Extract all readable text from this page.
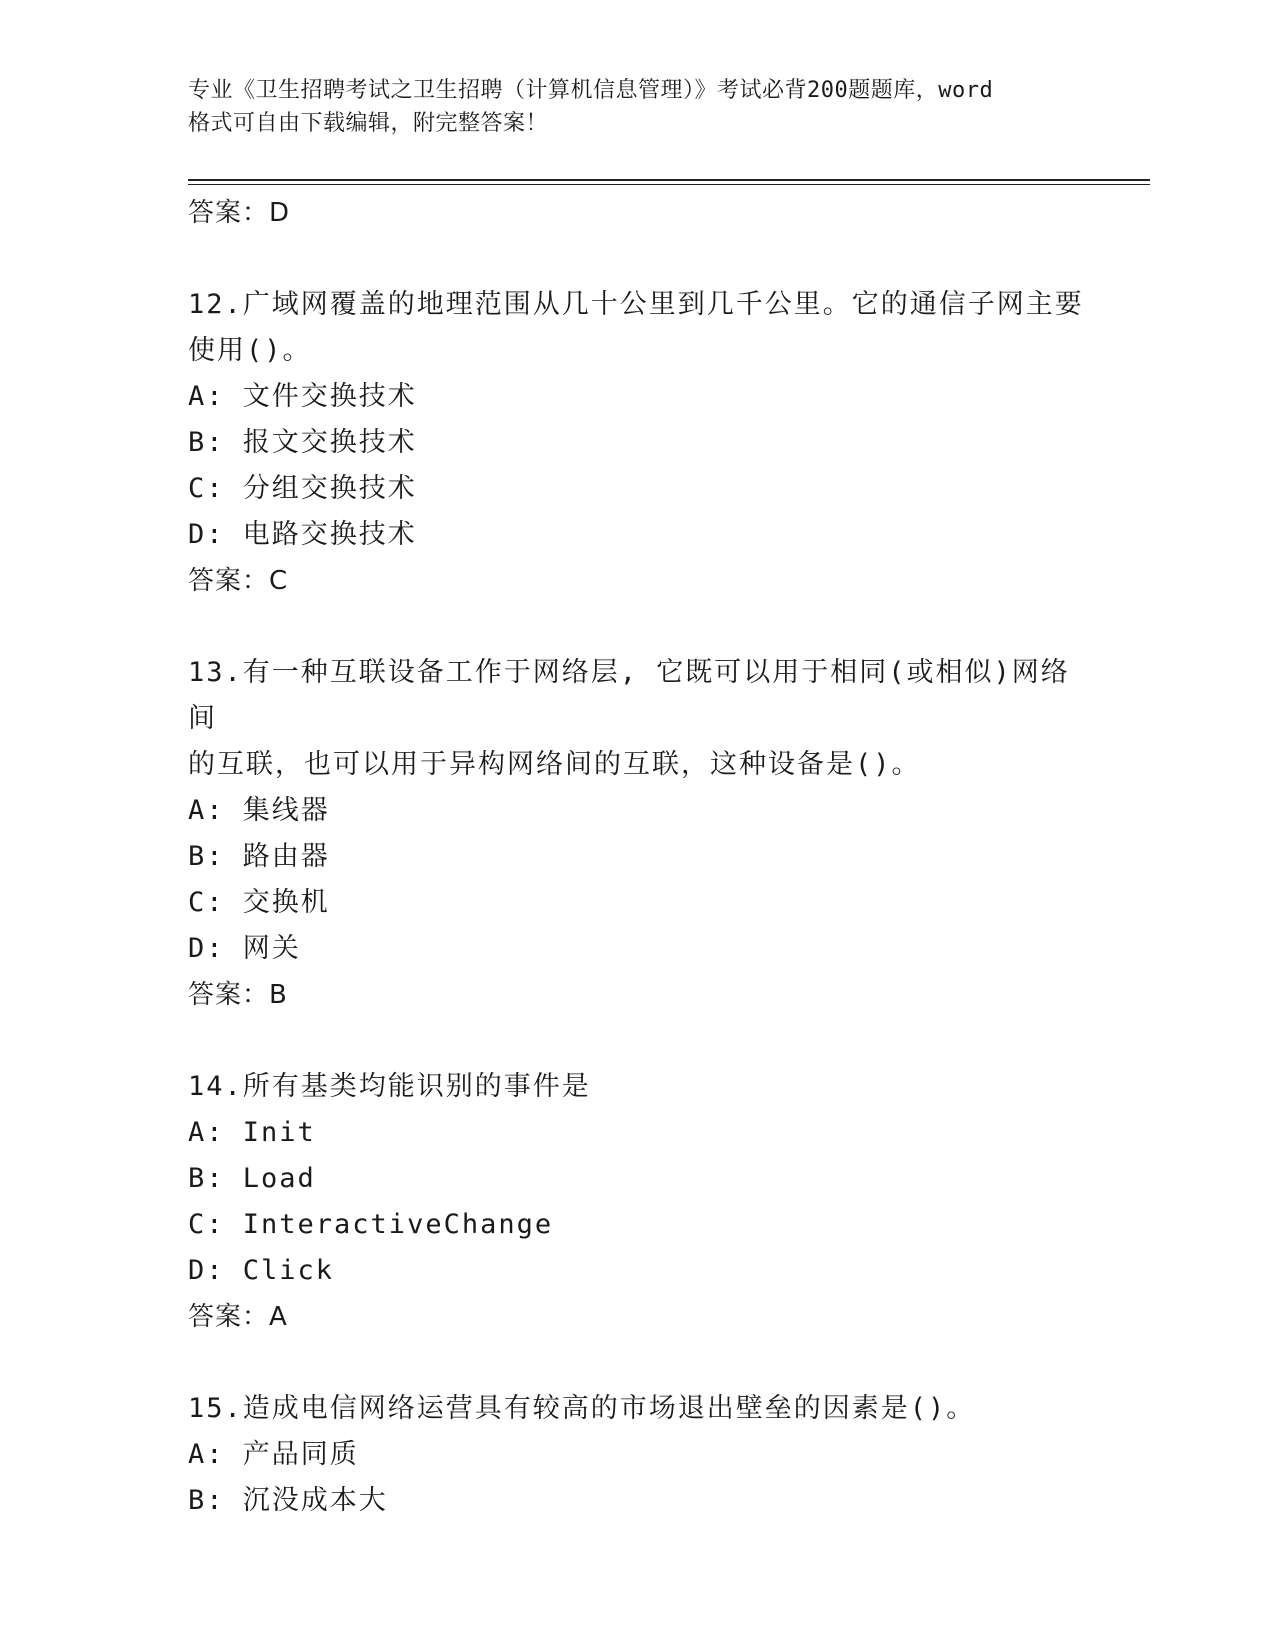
专业《卫生招聘考试之卫生招聘（计算机信息管理）》考试必背200题题库，word
格式可自由下载编辑，附完整答案！
答案：D
12.广域网覆盖的地理范围从几十公里到几千公里。它的通信子网主要
使用()。
A: 文件交换技术
B: 报文交换技术
C: 分组交换技术
D: 电路交换技术
答案：C
13.有一种互联设备工作于网络层, 它既可以用于相同(或相似)网络间
的互联，也可以用于异构网络间的互联，这种设备是()。
A: 集线器
B: 路由器
C: 交换机
D: 网关
答案：B
14.所有基类均能识别的事件是
A: Init
B: Load
C: InteractiveChange
D: Click
答案：A
15.造成电信网络运营具有较高的市场退出壁垒的因素是()。
A: 产品同质
B: 沉没成本大
